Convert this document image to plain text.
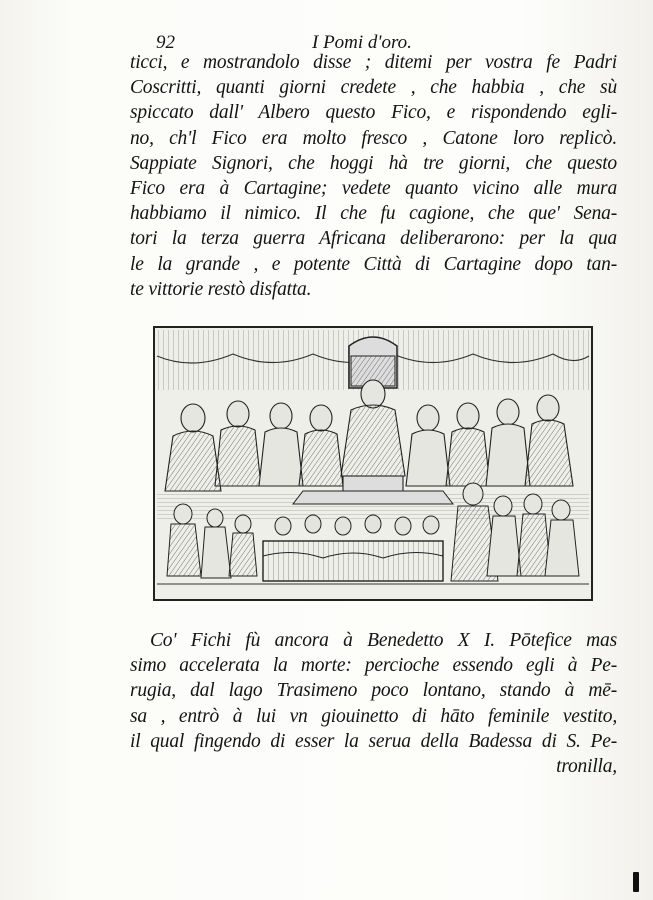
92	I Pomi d'oro.
ticci, e mostrandolo disse ; ditemi per vostra fe Padri
Coscritti, quanti giorni credete , che habbia , che sù
spiccato dall' Albero questo Fico, e rispondendo egli-
no, ch'l Fico era molto fresco , Catone loro replicò.
Sappiate Signori, che hoggi hà tre giorni, che questo
Fico era à Cartagine; vedete quanto vicino alle mura
habbiamo il nimico. Il che fu cagione, che que' Sena-
tori la terza guerra Africana deliberarono: per la qua
le la grande , e potente Città di Cartagine dopo tan-
te vittorie restò disfatta.
Co' Fichi fù ancora à Benedetto X I. Pōtefice mas
simo accelerata la morte: percioche essendo egli à Pe-
rugia, dal lago Trasimeno poco lontano, stando à mē-
sa , entrò à lui vn giouinetto di hāto feminile vestito,
il qual fingendo di esser la serua della Badessa di S. Pe-
tronilla,
